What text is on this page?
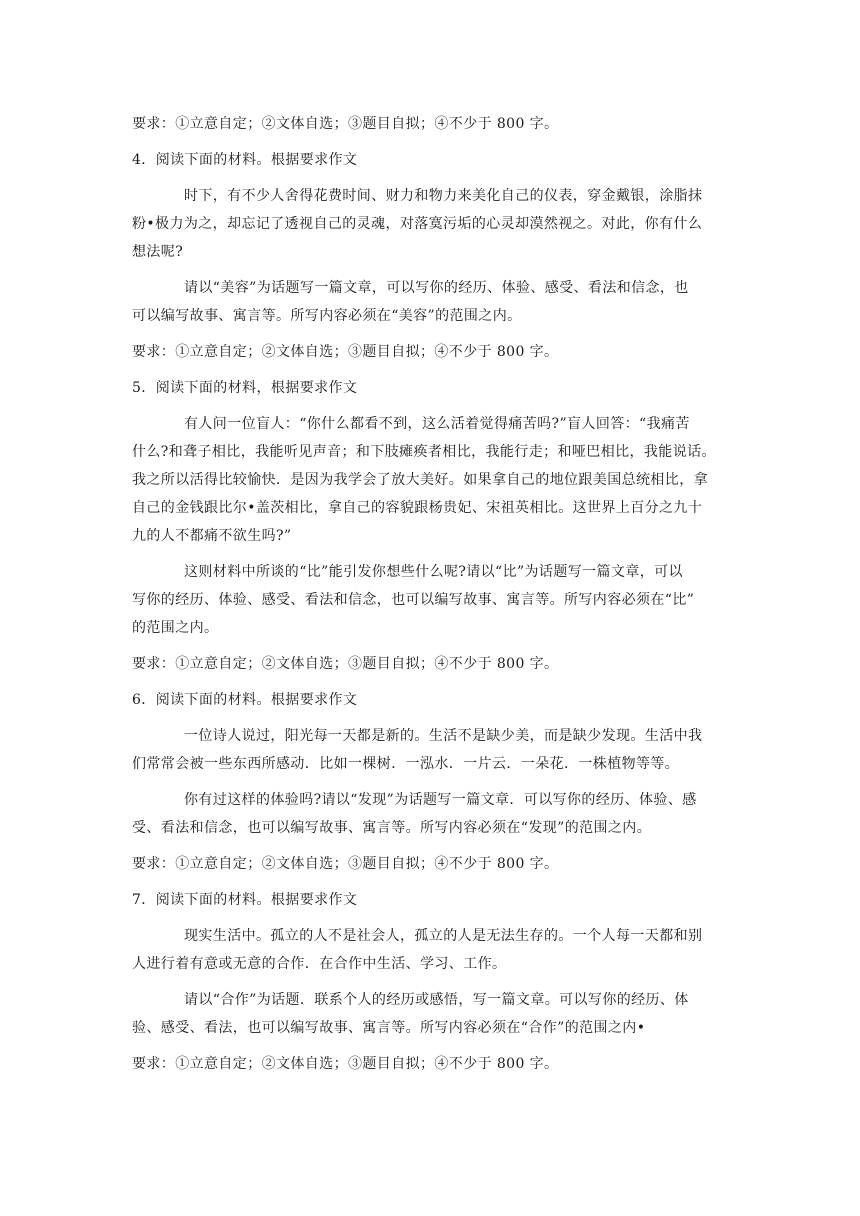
要求：①立意自定；②文体自选；③题目自拟；④不少于 800 字。

4．阅读下面的材料。根据要求作文

时下，有不少人舍得花费时间、财力和物力来美化自己的仪表，穿金戴银，涂脂抹

粉•极力为之，却忘记了透视自己的灵魂，对落寞污垢的心灵却漠然视之。对此，你有什么

想法呢?

请以“美容”为话题写一篇文章，可以写你的经历、体验、感受、看法和信念，也

可以编写故事、寓言等。所写内容必须在“美容”的范围之内。

要求：①立意自定；②文体自选；③题目自拟；④不少于 800 字。

5．阅读下面的材料，根据要求作文

有人问一位盲人：“你什么都看不到，这么活着觉得痛苦吗?”盲人回答：“我痛苦

什么?和聋子相比，我能听见声音；和下肢瘫痪者相比，我能行走；和哑巴相比，我能说话。

我之所以活得比较愉快．是因为我学会了放大美好。如果拿自己的地位跟美国总统相比，拿

自己的金钱跟比尔•盖茨相比，拿自己的容貌跟杨贵妃、宋祖英相比。这世界上百分之九十

九的人不都痛不欲生吗?”

这则材料中所谈的“比”能引发你想些什么呢?请以“比”为话题写一篇文章，可以

写你的经历、体验、感受、看法和信念，也可以编写故事、寓言等。所写内容必须在“比”

的范围之内。

要求：①立意自定；②文体自选；③题目自拟；④不少于 800 字。

6．阅读下面的材料。根据要求作文

一位诗人说过，阳光每一天都是新的。生活不是缺少美，而是缺少发现。生活中我

们常常会被一些东西所感动．比如一棵树．一泓水．一片云．一朵花．一株植物等等。

你有过这样的体验吗?请以“发现”为话题写一篇文章．可以写你的经历、体验、感

受、看法和信念，也可以编写故事、寓言等。所写内容必须在“发现”的范围之内。

要求：①立意自定；②文体自选；③题目自拟；④不少于 800 字。

7．阅读下面的材料。根据要求作文

现实生活中。孤立的人不是社会人，孤立的人是无法生存的。一个人每一天都和别

人进行着有意或无意的合作．在合作中生活、学习、工作。

请以“合作”为话题．联系个人的经历或感悟，写一篇文章。可以写你的经历、体

验、感受、看法，也可以编写故事、寓言等。所写内容必须在“合作”的范围之内•

要求：①立意自定；②文体自选；③题目自拟；④不少于 800 字。
